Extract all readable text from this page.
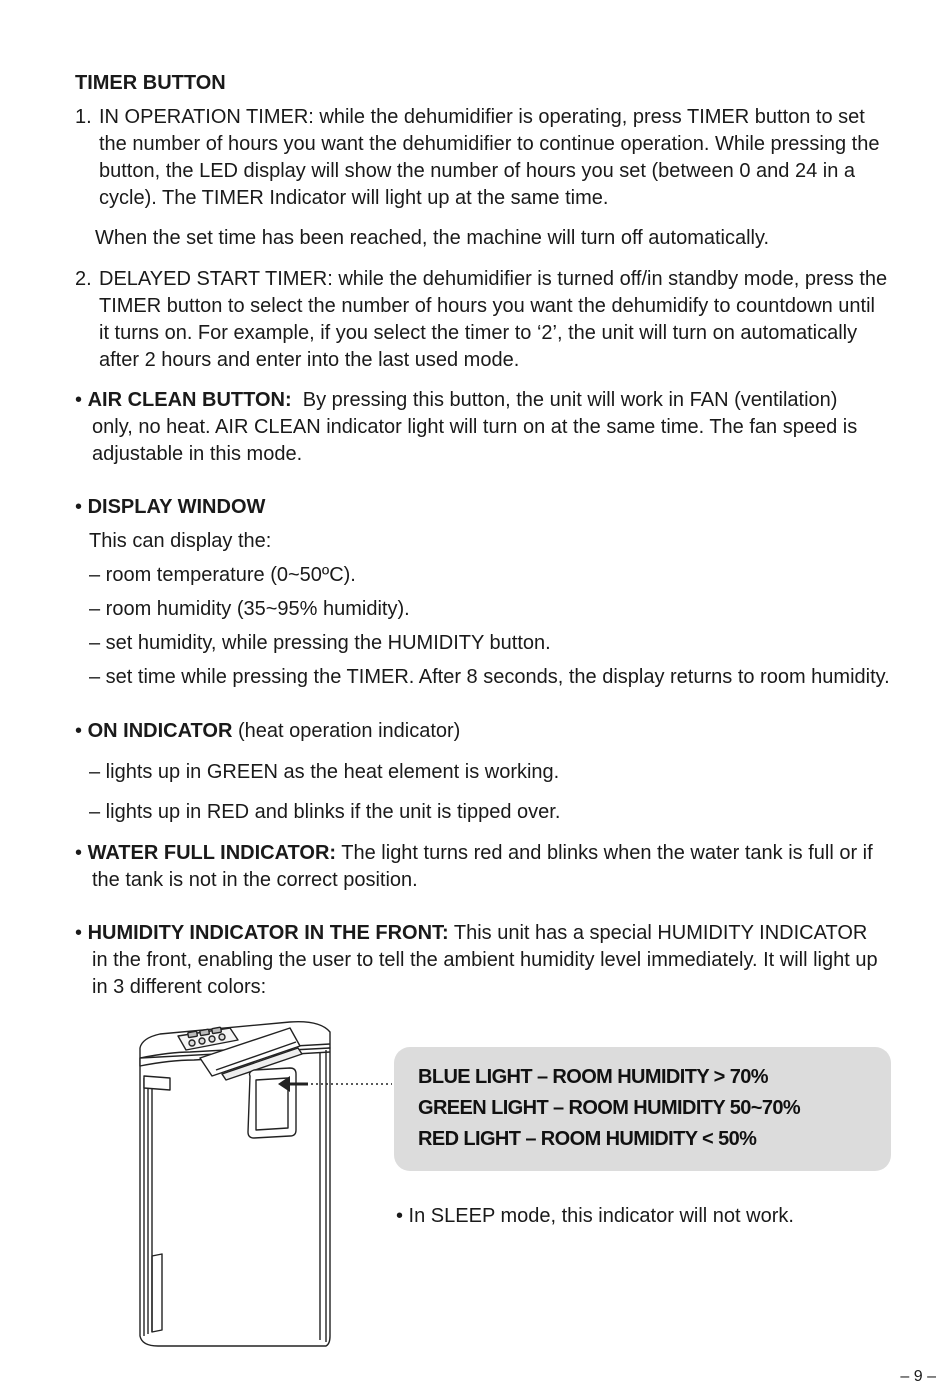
TIMER BUTTON
1. IN OPERATION TIMER: while the dehumidifier is operating, press TIMER button to set
the number of hours you want the dehumidifier to continue operation. While pressing the
button, the LED display will show the number of hours you set (between 0 and 24 in a
cycle). The TIMER Indicator will light up at the same time.
When the set time has been reached, the machine will turn off automatically.
2. DELAYED START TIMER: while the dehumidifier is turned off/in standby mode, press the
TIMER button to select the number of hours you want the dehumidify to countdown until
it turns on. For example, if you select the timer to ‘2’, the unit will turn on automatically
after 2 hours and enter into the last used mode.
• AIR CLEAN BUTTON: By pressing this button, the unit will work in FAN (ventilation)
only, no heat. AIR CLEAN indicator light will turn on at the same time. The fan speed is
adjustable in this mode.
• DISPLAY WINDOW
This can display the:
– room temperature (0~50ºC).
– room humidity (35~95% humidity).
– set humidity, while pressing the HUMIDITY button.
– set time while pressing the TIMER. After 8 seconds, the display returns to room humidity.
• ON INDICATOR (heat operation indicator)
– lights up in GREEN as the heat element is working.
– lights up in RED and blinks if the unit is tipped over.
• WATER FULL INDICATOR: The light turns red and blinks when the water tank is full or if
the tank is not in the correct position.
• HUMIDITY INDICATOR IN THE FRONT: This unit has a special HUMIDITY INDICATOR
in the front, enabling the user to tell the ambient humidity level immediately. It will light up
in 3 different colors:
BLUE LIGHT – ROOM HUMIDITY > 70%
GREEN LIGHT – ROOM HUMIDITY 50~70%
RED LIGHT – ROOM HUMIDITY < 50%
• In SLEEP mode, this indicator will not work.
– 9 –
